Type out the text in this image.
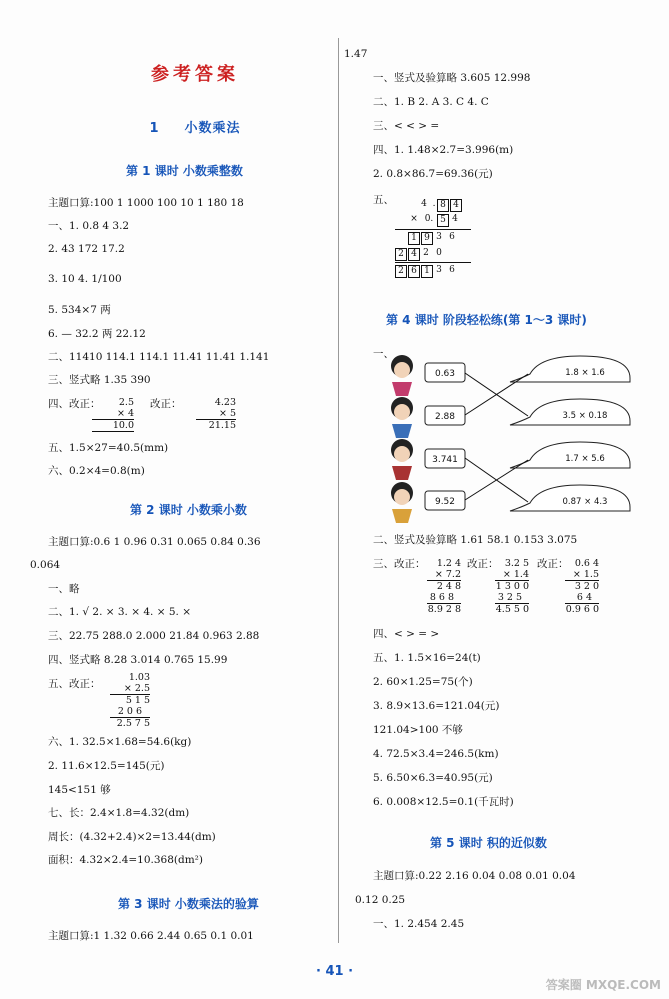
参考答案
1 小数乘法
第 1 课时 小数乘整数
主题口算:100 1 1000 100 10 1 180 18
一、1. 0.8 4 3.2
2. 43 172 17.2
3. 10 4. 1/100
5. 534×7 两
6. — 32.2 两 22.12
二、11410 114.1 114.1 11.41 11.41 1.141
三、竖式略 1.35 390
四、改正：	2.5
× 4
10.0
改正：	4.23
× 5
21.15
五、1.5×27=40.5(mm)
六、0.2×4=0.8(m)
第 2 课时 小数乘小数
主题口算:0.6 1 0.96 0.31 0.065 0.84 0.36
0.064
一、略
二、1. √ 2. × 3. × 4. × 5. ×
三、22.75 288.0 2.000 21.84 0.963 2.88
四、竖式略 8.28 3.014 0.765 15.99
五、改正：
1.03
× 2.5
5 1 5
2 0 6
2.5 7 5
六、1. 32.5×1.68=54.6(kg)
2. 11.6×12.5=145(元)
145<151 够
七、长：2.4×1.8=4.32(dm)
周长：(4.32+2.4)×2=13.44(dm)
面积：4.32×2.4=10.368(dm²)
第 3 课时 小数乘法的验算
主题口算:1 1.32 0.66 2.44 0.65 0.1 0.01
1.47
一、竖式及验算略 3.605 12.998
二、1. B 2. A 3. C 4. C
三、< < > =
四、1. 1.48×2.7=3.996(m)
2. 0.8×86.7=69.36(元)
五、	4 . 8 4
× 0. 5 4
1 9 3 6
2 4 2 0
2 6 1 3 6
第 4 课时 阶段轻松练(第 1～3 课时)
一、
0.63
2.88
3.741
9.52
1.8 × 1.6
3.5 × 0.18
1.7 × 5.6
0.87 × 4.3
二、竖式及验算略 1.61 58.1 0.153 3.075
三、改正：	1.2 4
× 7.2
2 4 8
8 6 8
8.9 2 8
改正： 3.2 5
× 1.4
1 3 0 0
3 2 5
4.5 5 0
改正： 0.6 4
× 1.5
3 2 0
6 4
0.9 6 0
四、< > = >
五、1. 1.5×16=24(t)
2. 60×1.25=75(个)
3. 8.9×13.6=121.04(元)
121.04>100 不够
4. 72.5×3.4=246.5(km)
5. 6.50×6.3=40.95(元)
6. 0.008×12.5=0.1(千瓦时)
第 5 课时 积的近似数
主题口算:0.22 2.16 0.04 0.08 0.01 0.04
0.12 0.25
一、1. 2.454 2.45
· 41 ·
答案圈 MXQE.COM
